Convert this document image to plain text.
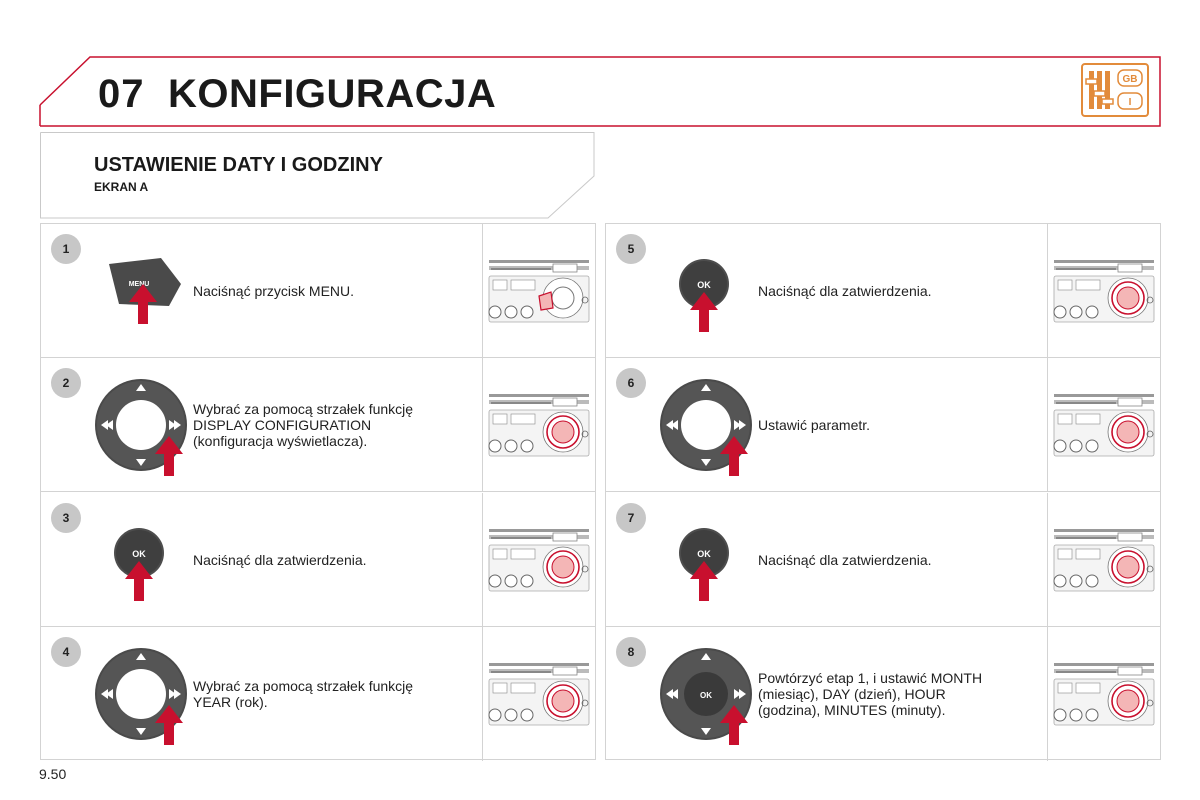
07 KONFIGURACJA	GB
I
USTAWIENIE DATY I GODZINY
EKRAN A
1
MENU	Naciśnąć przycisk MENU.
2
Wybrać za pomocą strzałek funkcję
DISPLAY CONFIGURATION
(konfiguracja wyświetlacza).
3
OK	Naciśnąć dla zatwierdzenia.
4
Wybrać za pomocą strzałek funkcję
YEAR (rok).
5
OK	Naciśnąć dla zatwierdzenia.
6
Ustawić parametr.
7
OK	Naciśnąć dla zatwierdzenia.
8
OK
Powtórzyć etap 1, i ustawić MONTH
(miesiąc), DAY (dzień), HOUR
(godzina), MINUTES (minuty).
9.50
